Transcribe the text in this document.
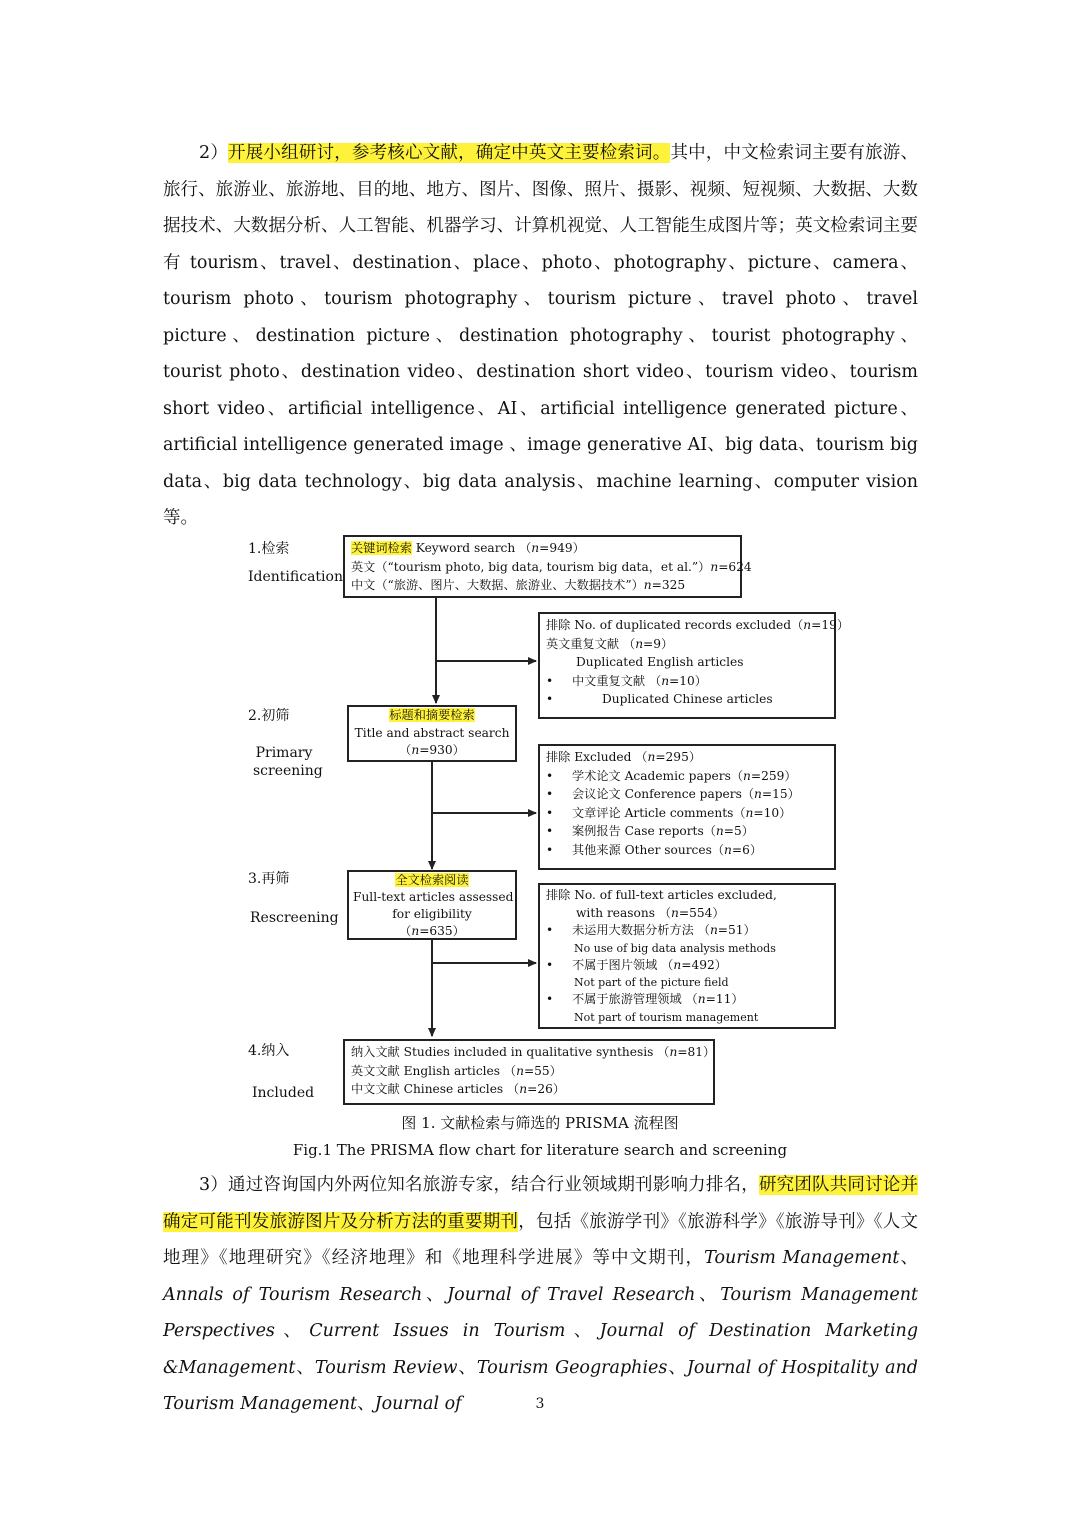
2）开展小组研讨，参考核心文献，确定中英文主要检索词。其中，中文检索词主要有旅游、旅行、旅游业、旅游地、目的地、地方、图片、图像、照片、摄影、视频、短视频、大数据、大数据技术、大数据分析、人工智能、机器学习、计算机视觉、人工智能生成图片等；英文检索词主要有 tourism、travel、destination、place、photo、photography、picture、camera、tourism photo、tourism photography、tourism picture、travel photo、travel picture、destination picture、destination photography、tourist photography、tourist photo、destination video、destination short video、tourism video、tourism short video、artificial intelligence、AI、artificial intelligence generated picture、artificial intelligence generated image 、image generative AI、big data、tourism big data、big data technology、big data analysis、machine learning、computer vision 等。

1.检索
Identification
2.初筛
Primary screening
3.再筛
Rescreening
4.纳入
Included
关键词检索 Keyword search （n=949）
英文（“tourism photo, big data, tourism big data，et al.”）n=624
中文（“旅游、图片、大数据、旅游业、大数据技术”）n=325
排除 No. of duplicated records excluded（n=19）
英文重复文献 （n=9）
Duplicated English articles
• 中文重复文献 （n=10）
•	Duplicated Chinese articles
标题和摘要检索
Title and abstract search
（n=930）	排除 Excluded （n=295）
• 学术论文 Academic papers（n=259）
• 会议论文 Conference papers（n=15）
• 文章评论 Article comments（n=10）
• 案例报告 Case reports（n=5）
• 其他来源 Other sources（n=6）
全文检索阅读
Full-text articles assessed
for eligibility
（n=635）
排除 No. of full-text articles excluded,
with reasons （n=554）
• 未运用大数据分析方法 （n=51）
No use of big data analysis methods
• 不属于图片领域 （n=492）
Not part of the picture field
• 不属于旅游管理领域 （n=11）
Not part of tourism management
纳入文献 Studies included in qualitative synthesis （n=81）
英文文献 English articles （n=55）
中文文献 Chinese articles （n=26）
图 1. 文献检索与筛选的 PRISMA 流程图
Fig.1 The PRISMA flow chart for literature search and screening

3）通过咨询国内外两位知名旅游专家，结合行业领域期刊影响力排名，研究团队共同讨论并确定可能刊发旅游图片及分析方法的重要期刊，包括《旅游学刊》《旅游科学》《旅游导刊》《人文地理》《地理研究》《经济地理》和《地理科学进展》等中文期刊，Tourism Management、Annals of Tourism Research、Journal of Travel Research、Tourism Management Perspectives、Current Issues in Tourism、Journal of Destination Marketing &Management、Tourism Review、Tourism Geographies、Journal of Hospitality and Tourism Management、Journal of	3
